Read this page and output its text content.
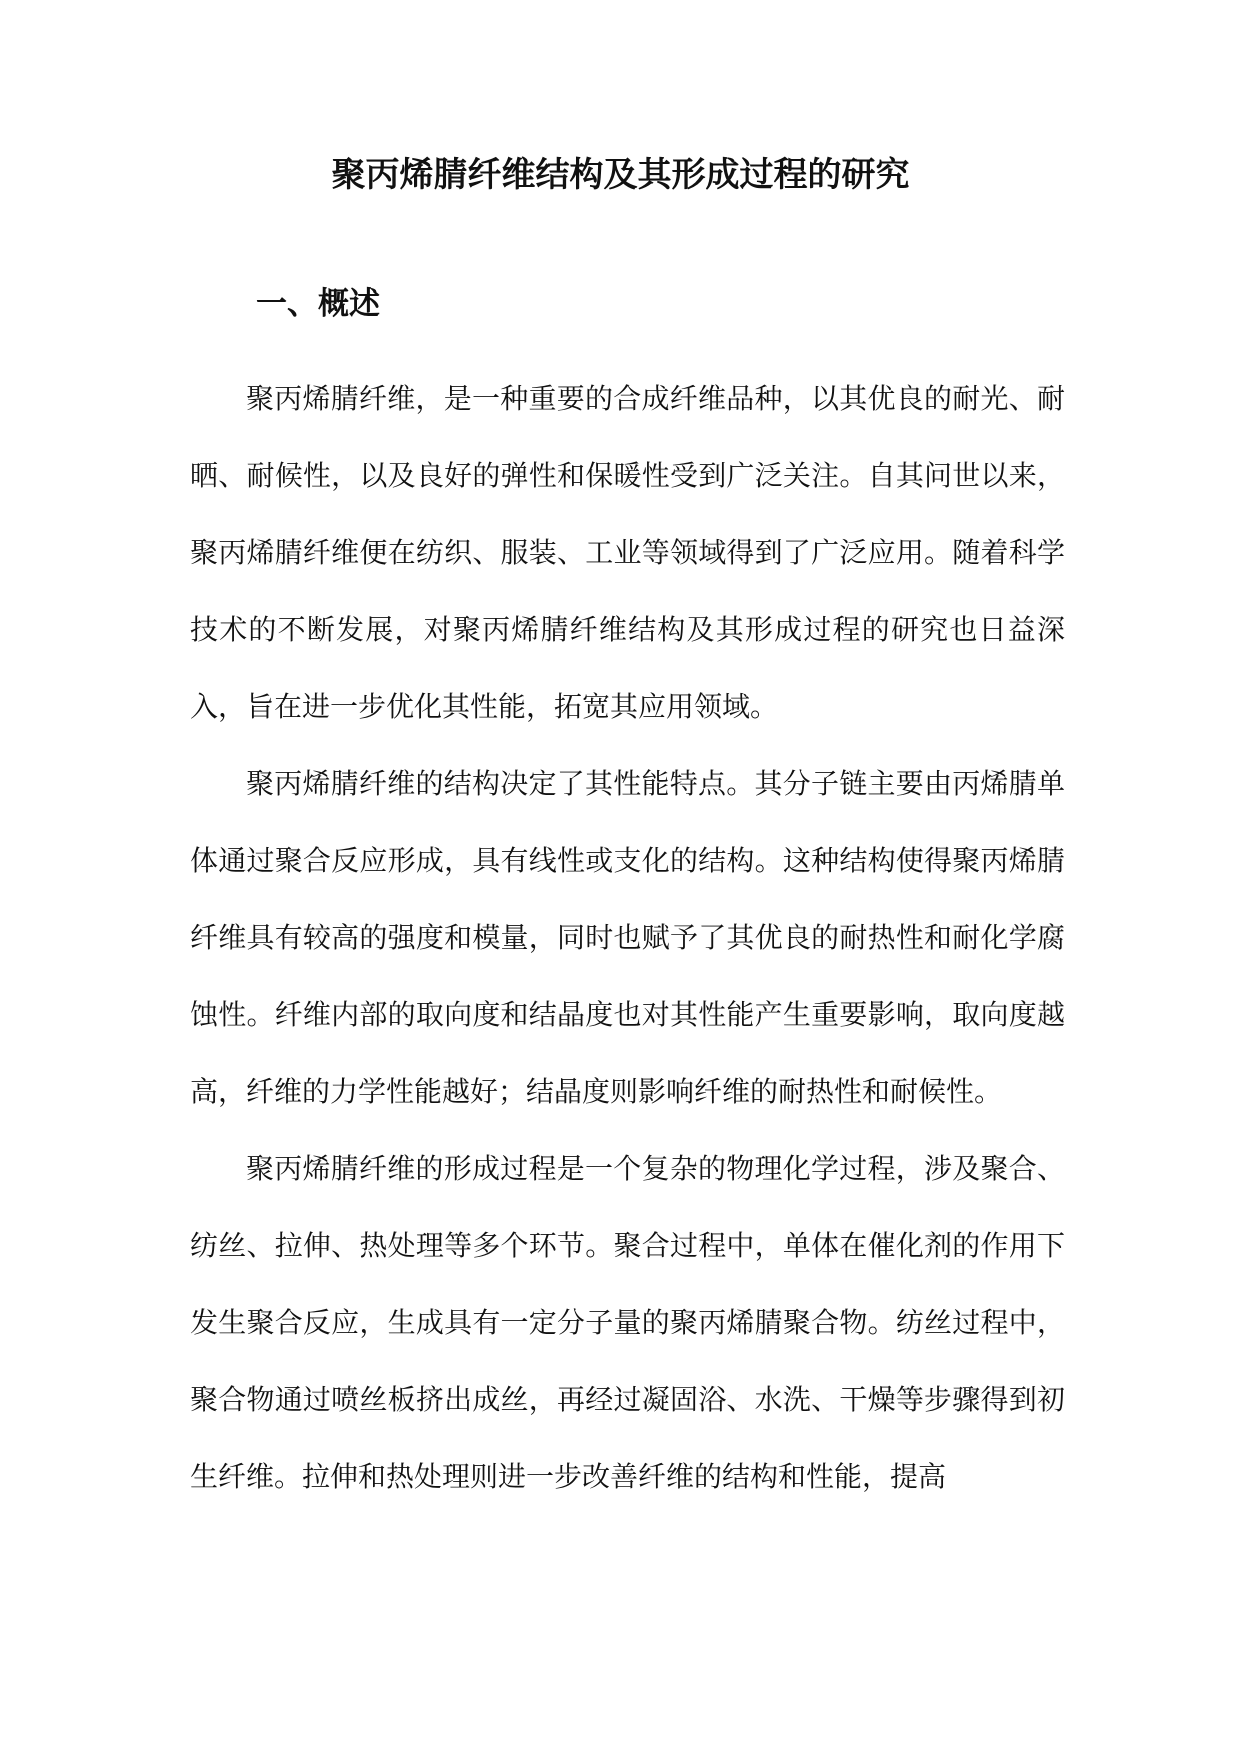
聚丙烯腈纤维结构及其形成过程的研究
一、概述

聚丙烯腈纤维，是一种重要的合成纤维品种，以其优良的耐光、耐晒、耐候性，以及良好的弹性和保暖性受到广泛关注。自其问世以来，聚丙烯腈纤维便在纺织、服装、工业等领域得到了广泛应用。随着科学技术的不断发展，对聚丙烯腈纤维结构及其形成过程的研究也日益深入，旨在进一步优化其性能，拓宽其应用领域。

聚丙烯腈纤维的结构决定了其性能特点。其分子链主要由丙烯腈单体通过聚合反应形成，具有线性或支化的结构。这种结构使得聚丙烯腈纤维具有较高的强度和模量，同时也赋予了其优良的耐热性和耐化学腐蚀性。纤维内部的取向度和结晶度也对其性能产生重要影响，取向度越高，纤维的力学性能越好；结晶度则影响纤维的耐热性和耐候性。

聚丙烯腈纤维的形成过程是一个复杂的物理化学过程，涉及聚合、纺丝、拉伸、热处理等多个环节。聚合过程中，单体在催化剂的作用下发生聚合反应，生成具有一定分子量的聚丙烯腈聚合物。纺丝过程中，聚合物通过喷丝板挤出成丝，再经过凝固浴、水洗、干燥等步骤得到初生纤维。拉伸和热处理则进一步改善纤维的结构和性能，提高
